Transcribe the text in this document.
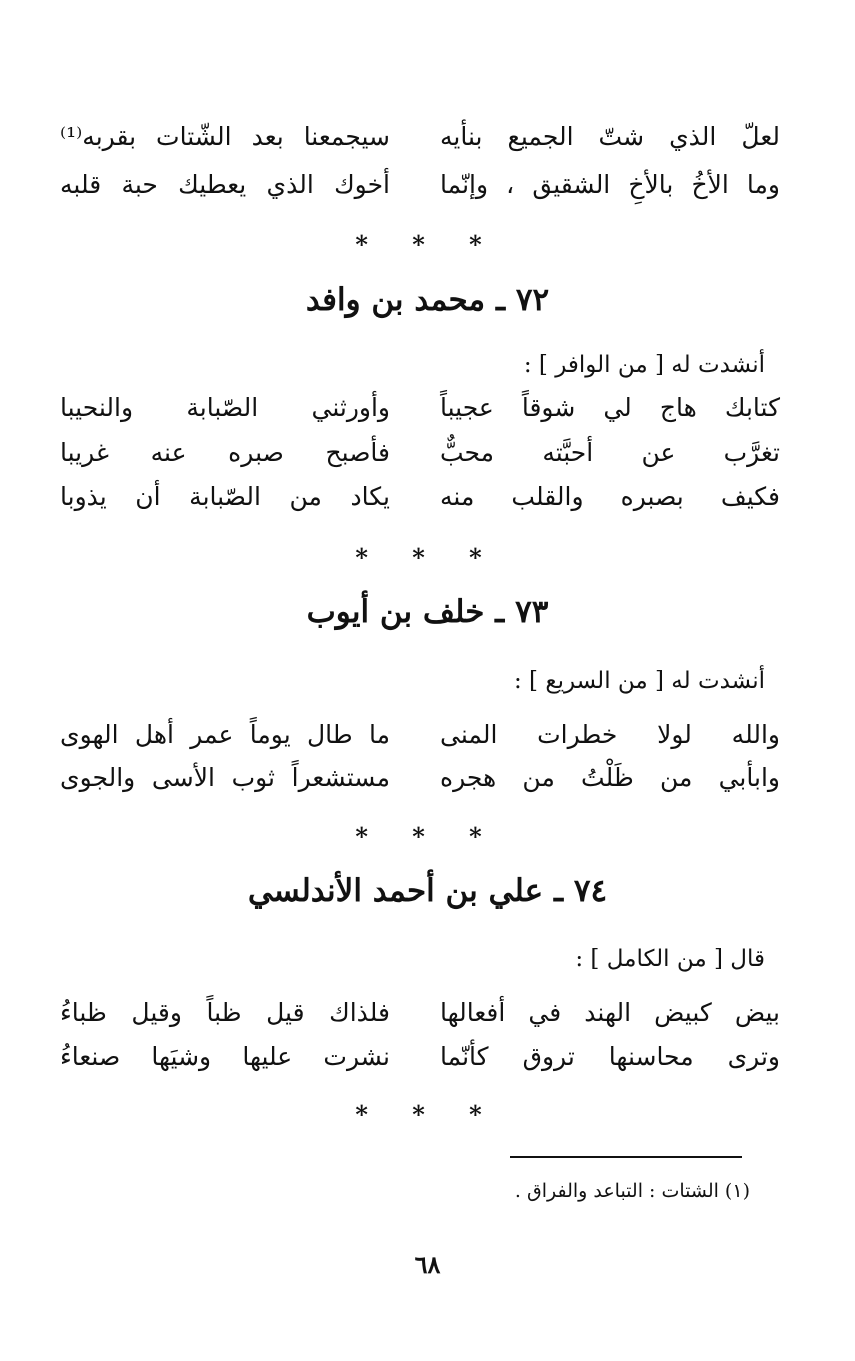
لعلّ الذي شتّ الجميع بنأيه
سيجمعنا بعد الشّتات بقربه⁽¹⁾
وما الأخُ بالأخِ الشقيق ، وإنّما
أخوك الذي يعطيك حبة قلبه
* * *
٧٢ ـ محمد بن وافد
أنشدت له [ من الوافر ] :
كتابك هاج لي شوقاً عجيباً
وأورثني الصّبابة والنحيبا
تغرَّب عن أحبَّته محبٌّ
فأصبح صبره عنه غريبا
فكيف بصبره والقلب منه
يكاد من الصّبابة أن يذوبا
* * *
٧٣ ـ خلف بن أيوب
أنشدت له [ من السريع ] :
والله لولا خطرات المنى
ما طال يوماً عمر أهل الهوى
وابأبي من ظَلْتُ من هجره
مستشعراً ثوب الأسى والجوى
* * *
٧٤ ـ علي بن أحمد الأندلسي
قال [ من الكامل ] :
بيض كبيض الهند في أفعالها
فلذاك قيل ظباً وقيل ظباءُ
وترى محاسنها تروق كأنّما
نشرت عليها وشيَها صنعاءُ
* * *
(١) الشتات : التباعد والفراق .
٦٨
